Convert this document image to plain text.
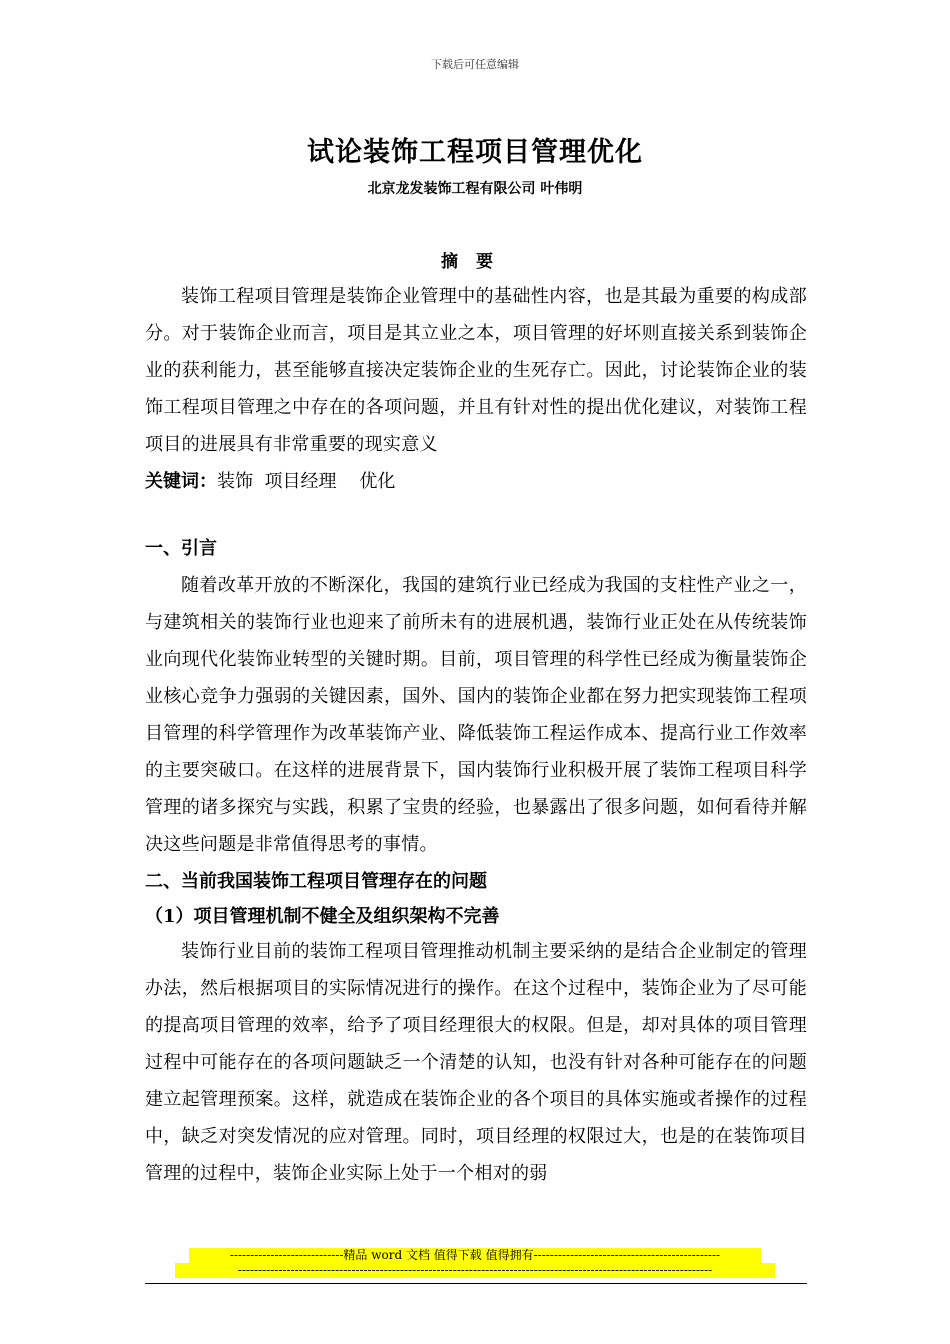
下载后可任意编辑
试论装饰工程项目管理优化
北京龙发装饰工程有限公司 叶伟明
摘要

装饰工程项目管理是装饰企业管理中的基础性内容，也是其最为重要的构成部分。对于装饰企业而言，项目是其立业之本，项目管理的好坏则直接关系到装饰企业的获利能力，甚至能够直接决定装饰企业的生死存亡。因此，讨论装饰企业的装饰工程项目管理之中存在的各项问题，并且有针对性的提出优化建议，对装饰工程项目的进展具有非常重要的现实意义

关键词：装饰  项目经理    优化
一、引言

随着改革开放的不断深化，我国的建筑行业已经成为我国的支柱性产业之一，与建筑相关的装饰行业也迎来了前所未有的进展机遇，装饰行业正处在从传统装饰业向现代化装饰业转型的关键时期。目前，项目管理的科学性已经成为衡量装饰企业核心竞争力强弱的关键因素，国外、国内的装饰企业都在努力把实现装饰工程项目管理的科学管理作为改革装饰产业、降低装饰工程运作成本、提高行业工作效率的主要突破口。在这样的进展背景下，国内装饰行业积极开展了装饰工程项目科学管理的诸多探究与实践，积累了宝贵的经验，也暴露出了很多问题，如何看待并解决这些问题是非常值得思考的事情。

二、当前我国装饰工程项目管理存在的问题
（1）项目管理机制不健全及组织架构不完善

装饰行业目前的装饰工程项目管理推动机制主要采纳的是结合企业制定的管理办法，然后根据项目的实际情况进行的操作。在这个过程中，装饰企业为了尽可能的提高项目管理的效率，给予了项目经理很大的权限。但是，却对具体的项目管理过程中可能存在的各项问题缺乏一个清楚的认知，也没有针对各种可能存在的问题建立起管理预案。这样，就造成在装饰企业的各个项目的具体实施或者操作的过程中，缺乏对突发情况的应对管理。同时，项目经理的权限过大，也是的在装饰项目管理的过程中，装饰企业实际上处于一个相对的弱

----------------------------精品 word 文档 值得下载 值得拥有----------------------------------------------
---------------------------------------------------------------------------------------------------------------------
